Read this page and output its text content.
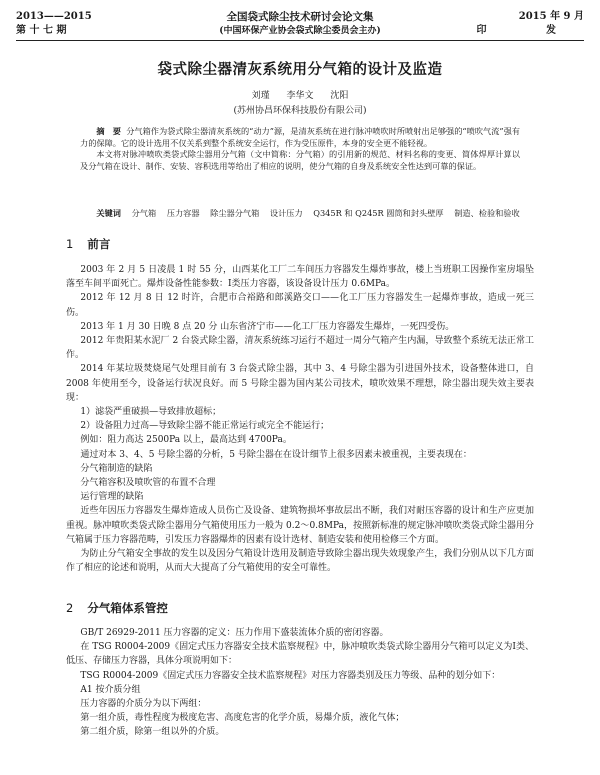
2013——2015
第 十 七 期
全国袋式除尘技术研讨会论文集
(中国环保产业协会袋式除尘委员会主办)
2015 年 9 月
印 发
袋式除尘器清灰系统用分气箱的设计及监造
刘瑾 李华文 沈阳
(苏州协昌环保科技股份有限公司)

摘　要 分气箱作为袋式除尘器清灰系统的“动力”源，是清灰系统在进行脉冲喷吹时所喷射出足够强的“喷吹气流”强有力的保障。它的设计选用不仅关系到整个系统安全运行，作为受压原件，本身的安全更不能轻视。

本文将对脉冲喷吹类袋式除尘器用分气箱（文中简称：分气箱）的引用新的规范、材料名称的变更、简体焊厚计算以及分气箱在设计、制作、安装、容积选用等给出了相应的说明，使分气箱的自身及系统安全性达到可靠的保证。

关键词 分气箱 压力容器 除尘器分气箱 设计压力 Q345R 和 Q245R 圆筒和封头壁厚 制造、检验和验收
1 前言

2003 年 2 月 5 日凌晨 1 时 55 分，山西某化工厂二车间压力容器发生爆炸事故，楼上当班职工因操作室房塌坠落至车间平面死亡。爆炸设备性能参数：Ⅰ类压力容器，该设备设计压力 0.6MPa。

2012 年 12 月 8 日 12 时许，合肥市合裕路和郎溪路交口——化工厂压力容器发生一起爆炸事故，造成一死三伤。

2013 年 1 月 30 日晚 8 点 20 分 山东省济宁市——化工厂压力容器发生爆炸，一死四受伤。

2012 年贵阳某水泥厂 2 台袋式除尘器，清灰系统练习运行不超过一周分气箱产生内漏，导致整个系统无法正常工作。

2014 年某垃圾焚烧尾气处理目前有 3 台袋式除尘器，其中 3、4 号除尘器为引进国外技术，设备整体进口，自 2008 年使用至今，设备运行状况良好。而 5 号除尘器为国内某公司技术，喷吹效果不理想，除尘器出现失效主要表现：

1）滤袋严重破损—导致排放超标；

2）设备阻力过高—导致除尘器不能正常运行或完全不能运行；

例如：阻力高达 2500Pa 以上，最高达到 4700Pa。

通过对本 3、4、5 号除尘器的分析，5 号除尘器在在设计细节上很多因素未被重视，主要表现在：

分气箱制造的缺陷

分气箱容积及喷吹管的布置不合理

运行管理的缺陷

近些年因压力容器发生爆炸造成人员伤亡及设备、建筑物损坏事故层出不断，我们对耐压容器的设计和生产应更加重视。脉冲喷吹类袋式除尘器用分气箱使用压力一般为 0.2～0.8MPa，按照新标准的规定脉冲喷吹类袋式除尘器用分气箱属于压力容器范畴，引发压力容器爆炸的因素有设计选材、制造安装和使用检修三个方面。

为防止分气箱安全事故的发生以及因分气箱设计选用及制造导致除尘器出现失效现象产生，我们分别从以下几方面作了相应的论述和说明，从而大大提高了分气箱使用的安全可靠性。

2 分气箱体系管控

GB/T 26929-2011 压力容器的定义：压力作用下盛装流体介质的密闭容器。

在 TSG R0004-2009《固定式压力容器安全技术监察规程》中，脉冲喷吹类袋式除尘器用分气箱可以定义为Ⅰ类、低压、存储压力容器，具体分项说明如下：

TSG R0004-2009《固定式压力容器安全技术监察规程》对压力容器类别及压力等级、品种的划分如下：

A1 按介质分组

压力容器的介质分为以下两组：

第一组介质，毒性程度为极度危害、高度危害的化学介质，易爆介质，液化气体；

第二组介质，除第一组以外的介质。
